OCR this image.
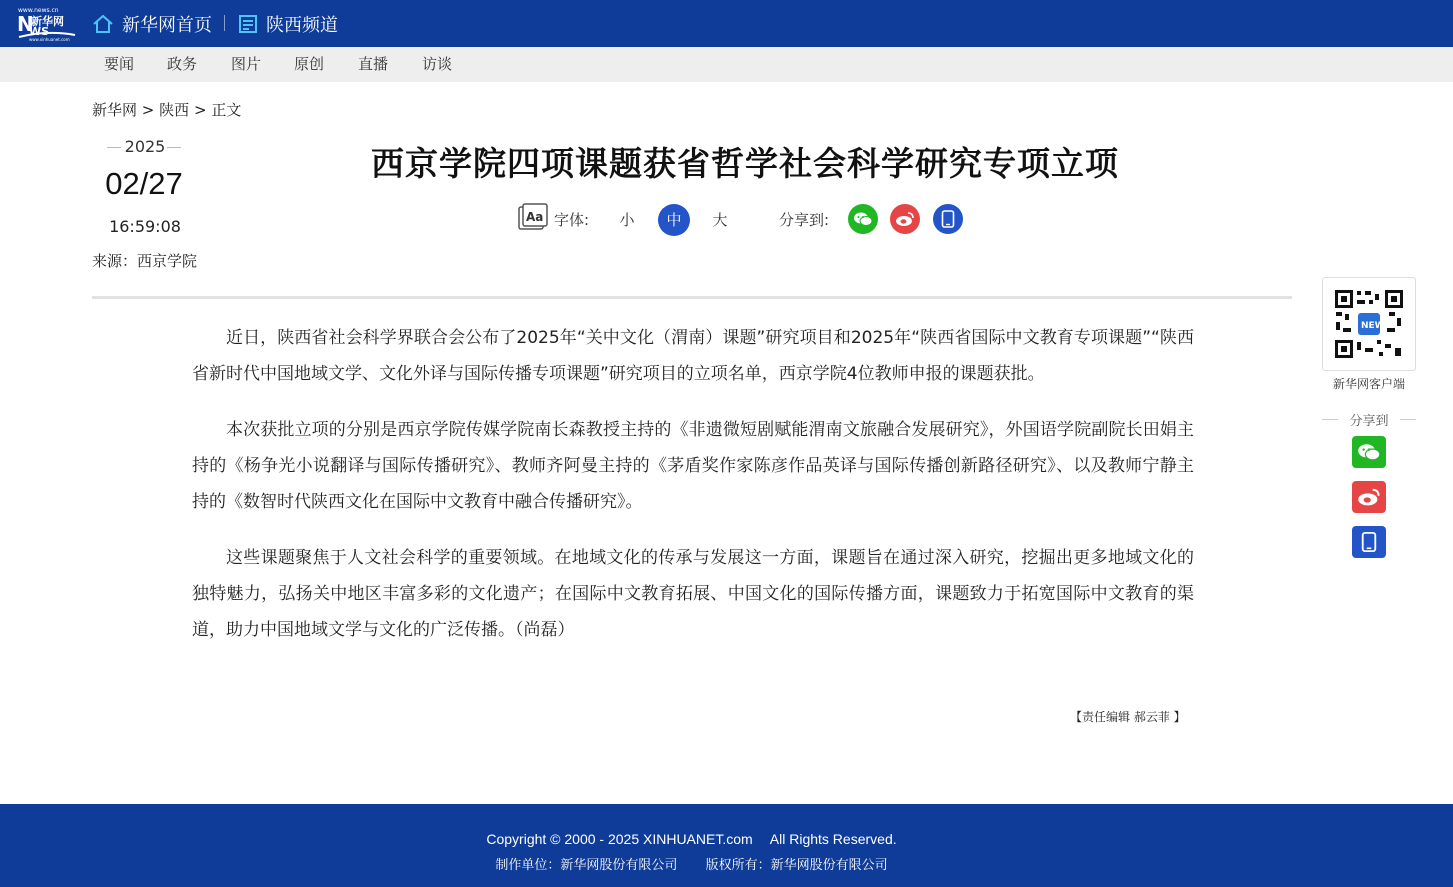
www.news.cn
N
新华网
WS
www.xinhuanet.com
新华网首页	陕西频道
要闻 政务 图片 原创 直播 访谈
新华网 > 陕西 > 正文
2025
02/27
16:59:08
来源：西京学院
西京学院四项课题获省哲学社会科学研究专项立项
Aa 字体:	小	中	大	分享到:

近日，陕西省社会科学界联合会公布了2025年“关中文化（渭南）课题”研究项目和2025年“陕西省国际中文教育专项课题”“陕西省新时代中国地域文学、文化外译与国际传播专项课题”研究项目的立项名单，西京学院4位教师申报的课题获批。

本次获批立项的分别是西京学院传媒学院南长森教授主持的《非遗微短剧赋能渭南文旅融合发展研究》，外国语学院副院长田娟主持的《杨争光小说翻译与国际传播研究》、教师齐阿曼主持的《茅盾奖作家陈彦作品英译与国际传播创新路径研究》、以及教师宁静主持的《数智时代陕西文化在国际中文教育中融合传播研究》。

这些课题聚焦于人文社会科学的重要领域。在地域文化的传承与发展这一方面，课题旨在通过深入研究，挖掘出更多地域文化的独特魅力，弘扬关中地区丰富多彩的文化遗产；在国际中文教育拓展、中国文化的国际传播方面，课题致力于拓宽国际中文教育的渠道，助力中国地域文学与文化的广泛传播。（尚磊）

【责任编辑 郝云菲 】
NEWS
新华网客户端
分享到
Copyright © 2000 - 2025 XINHUANET.com　 All Rights Reserved.
制作单位：新华网股份有限公司 版权所有：新华网股份有限公司
